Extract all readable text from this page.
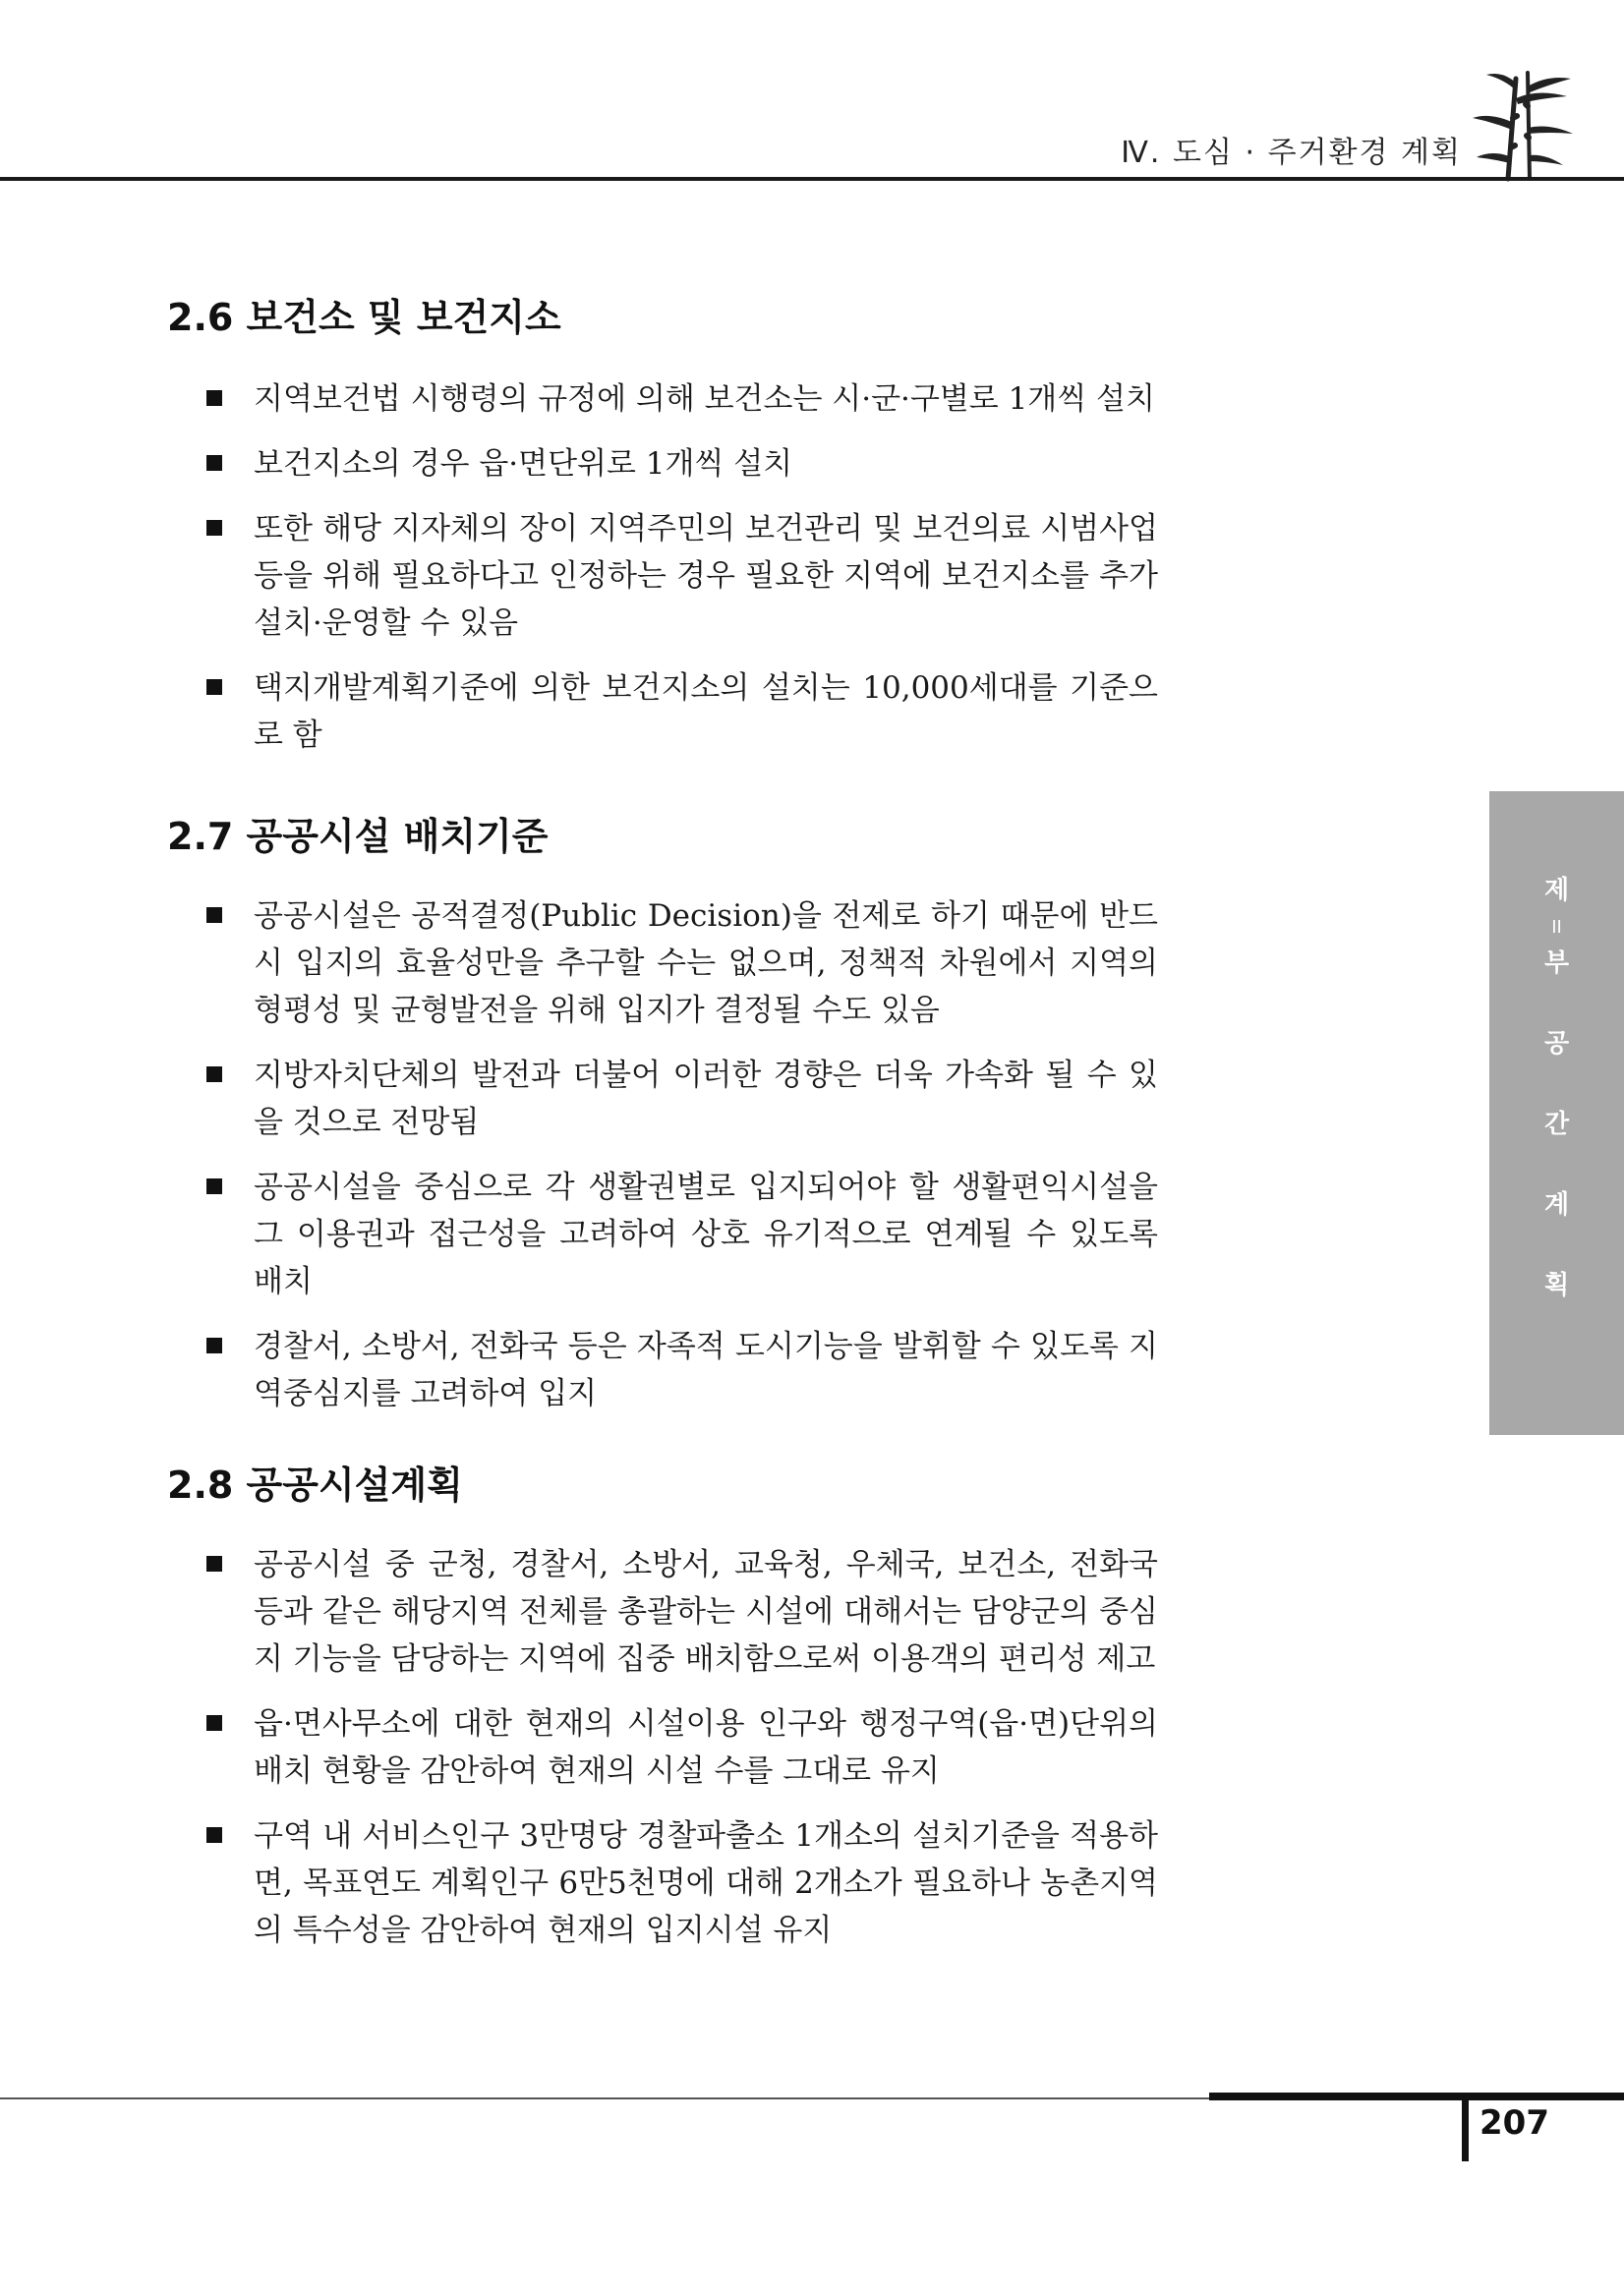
Ⅳ. 도심 · 주거환경 계획
제
II
부
공
간
계
획
2.6 보건소 및 보건지소
지역보건법 시행령의 규정에 의해 보건소는 시·군·구별로 1개씩 설치
보건지소의 경우 읍·면단위로 1개씩 설치
또한 해당 지자체의 장이 지역주민의 보건관리 및 보건의료 시범사업 등을 위해 필요하다고 인정하는 경우 필요한 지역에 보건지소를 추가 설치·운영할 수 있음
택지개발계획기준에 의한 보건지소의 설치는 10,000세대를 기준으로 함
2.7 공공시설 배치기준
공공시설은 공적결정(Public Decision)을 전제로 하기 때문에 반드시 입지의 효율성만을 추구할 수는 없으며, 정책적 차원에서 지역의 형평성 및 균형발전을 위해 입지가 결정될 수도 있음
지방자치단체의 발전과 더불어 이러한 경향은 더욱 가속화 될 수 있을 것으로 전망됨
공공시설을 중심으로 각 생활권별로 입지되어야 할 생활편익시설을 그 이용권과 접근성을 고려하여 상호 유기적으로 연계될 수 있도록 배치
경찰서, 소방서, 전화국 등은 자족적 도시기능을 발휘할 수 있도록 지역중심지를 고려하여 입지
2.8 공공시설계획
공공시설 중 군청, 경찰서, 소방서, 교육청, 우체국, 보건소, 전화국 등과 같은 해당지역 전체를 총괄하는 시설에 대해서는 담양군의 중심지 기능을 담당하는 지역에 집중 배치함으로써 이용객의 편리성 제고
읍·면사무소에 대한 현재의 시설이용 인구와 행정구역(읍·면)단위의 배치 현황을 감안하여 현재의 시설 수를 그대로 유지
구역 내 서비스인구 3만명당 경찰파출소 1개소의 설치기준을 적용하면, 목표연도 계획인구 6만5천명에 대해 2개소가 필요하나 농촌지역의 특수성을 감안하여 현재의 입지시설 유지
207
